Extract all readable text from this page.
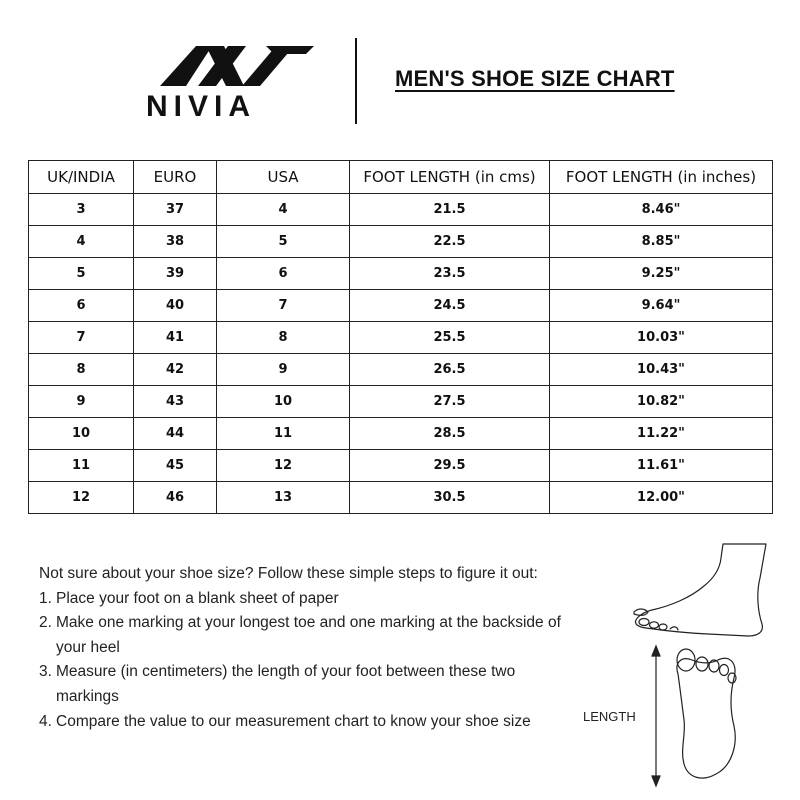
NIVIA
MEN'S SHOE SIZE CHART
UK/INDIA	EURO	USA	FOOT LENGTH (in cms)	FOOT LENGTH (in inches)
3	37	4	21.5	8.46"
4	38	5	22.5	8.85"
5	39	6	23.5	9.25"
6	40	7	24.5	9.64"
7	41	8	25.5	10.03"
8	42	9	26.5	10.43"
9	43	10	27.5	10.82"
10	44	11	28.5	11.22"
11	45	12	29.5	11.61"
12	46	13	30.5	12.00"
Not sure about your shoe size? Follow these simple steps to figure it out:
1. Place your foot on a blank sheet of paper
2. Make one marking at your longest toe and one marking at the backside of your heel
3. Measure (in centimeters) the length of your foot between these two markings
4. Compare the value to our measurement chart to know your shoe size	LENGTH
